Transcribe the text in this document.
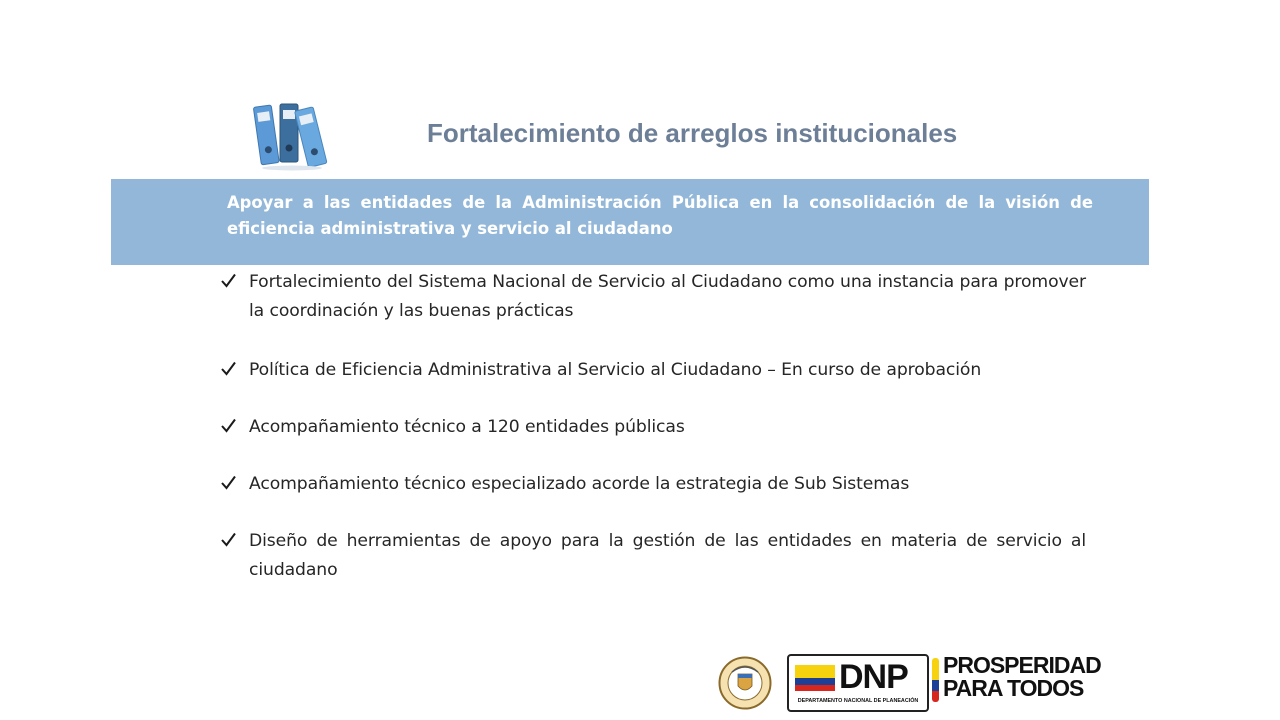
Fortalecimiento de arreglos institucionales

Apoyar a las entidades de la Administración Pública en la consolidación de la visión de eficiencia administrativa y servicio al ciudadano

Fortalecimiento del Sistema Nacional de Servicio al Ciudadano como una instancia para promover la coordinación y las buenas prácticas
Política de Eficiencia Administrativa al Servicio al Ciudadano – En curso de aprobación
Acompañamiento técnico a 120 entidades públicas
Acompañamiento técnico especializado acorde la estrategia de Sub Sistemas
Diseño de herramientas de apoyo para la gestión de las entidades en materia de servicio al ciudadano
DNP
DEPARTAMENTO NACIONAL DE PLANEACIÓN
PROSPERIDAD
PARA TODOS
